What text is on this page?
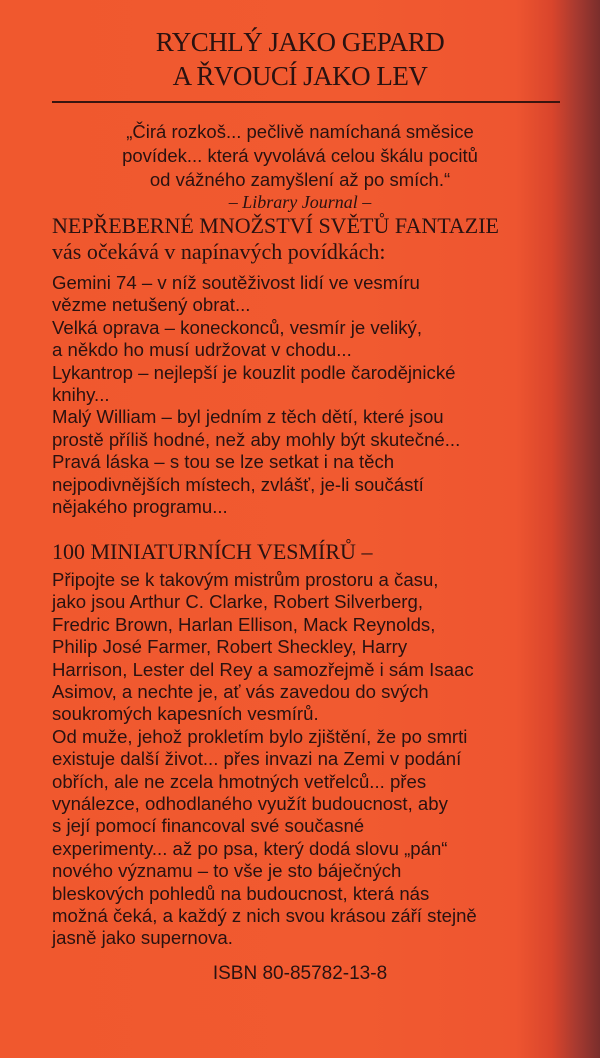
RYCHLÝ JAKO GEPARD
A ŘVOUCÍ JAKO LEV
„Čirá rozkoš... pečlivě namíchaná směsice
povídek... která vyvolává celou škálu pocitů
od vážného zamyšlení až po smích.“
– Library Journal –
NEPŘEBERNÉ MNOŽSTVÍ SVĚTŮ FANTAZIE
vás očekává v napínavých povídkách:
Gemini 74 – v níž soutěživost lidí ve vesmíru
vězme netušený obrat...
Velká oprava – koneckonců, vesmír je veliký,
a někdo ho musí udržovat v chodu...
Lykantrop – nejlepší je kouzlit podle čarodějnické
knihy...
Malý William – byl jedním z těch dětí, které jsou
prostě příliš hodné, než aby mohly být skutečné...
Pravá láska – s tou se lze setkat i na těch
nejpodivnějších místech, zvlášť, je-li součástí
nějakého programu...
100 MINIATURNÍCH VESMÍRŮ –
Připojte se k takovým mistrům prostoru a času,
jako jsou Arthur C. Clarke, Robert Silverberg,
Fredric Brown, Harlan Ellison, Mack Reynolds,
Philip José Farmer, Robert Sheckley, Harry
Harrison, Lester del Rey a samozřejmě i sám Isaac
Asimov, a nechte je, ať vás zavedou do svých
soukromých kapesních vesmírů.
Od muže, jehož prokletím bylo zjištění, že po smrti
existuje další život... přes invazi na Zemi v podání
obřích, ale ne zcela hmotných vetřelců... přes
vynálezce, odhodlaného využít budoucnost, aby
s její pomocí financoval své současné
experimenty... až po psa, který dodá slovu „pán“
nového významu – to vše je sto báječných
bleskových pohledů na budoucnost, která nás
možná čeká, a každý z nich svou krásou září stejně
jasně jako supernova.
ISBN 80-85782-13-8
